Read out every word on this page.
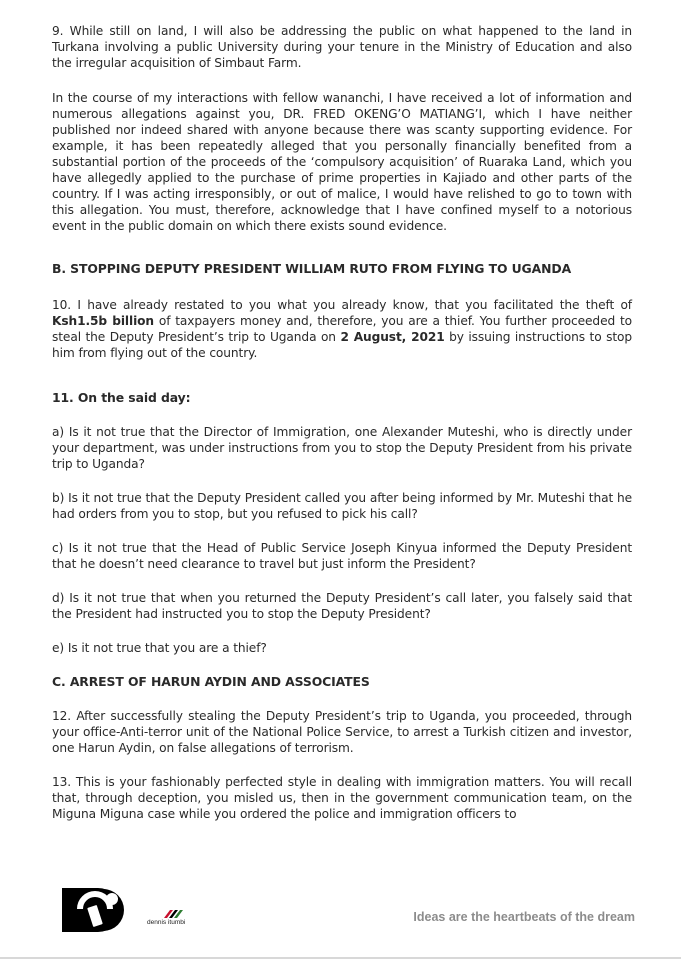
9. While still on land, I will also be addressing the public on what happened to the land in Turkana involving a public University during your tenure in the Ministry of Education and also the irregular acquisition of Simbaut Farm.

In the course of my interactions with fellow wananchi, I have received a lot of information and numerous allegations against you, DR. FRED OKENG’O MATIANG’I, which I have neither published nor indeed shared with anyone because there was scanty supporting evidence. For example, it has been repeatedly alleged that you personally financially benefited from a substantial portion of the proceeds of the ‘compulsory acquisition’ of Ruaraka Land, which you have allegedly applied to the purchase of prime properties in Kajiado and other parts of the country. If I was acting irresponsibly, or out of malice, I would have relished to go to town with this allegation. You must, therefore, acknowledge that I have confined myself to a notorious event in the public domain on which there exists sound evidence.

B. STOPPING DEPUTY PRESIDENT WILLIAM RUTO FROM FLYING TO UGANDA

10. I have already restated to you what you already know, that you facilitated the theft of Ksh1.5b billion of taxpayers money and, therefore, you are a thief. You further proceeded to steal the Deputy President’s trip to Uganda on 2 August, 2021 by issuing instructions to stop him from flying out of the country.

11. On the said day:

a) Is it not true that the Director of Immigration, one Alexander Muteshi, who is directly under your department, was under instructions from you to stop the Deputy President from his private trip to Uganda?

b) Is it not true that the Deputy President called you after being informed by Mr. Muteshi that he had orders from you to stop, but you refused to pick his call?

c) Is it not true that the Head of Public Service Joseph Kinyua informed the Deputy President that he doesn’t need clearance to travel but just inform the President?

d) Is it not true that when you returned the Deputy President’s call later, you falsely said that the President had instructed you to stop the Deputy President?

e) Is it not true that you are a thief?

C. ARREST OF HARUN AYDIN AND ASSOCIATES

12. After successfully stealing the Deputy President’s trip to Uganda, you proceeded, through your office-Anti-terror unit of the National Police Service, to arrest a Turkish citizen and investor, one Harun Aydin, on false allegations of terrorism.

13. This is your fashionably perfected style in dealing with immigration matters. You will recall that, through deception, you misled us, then in the government communication team, on the Miguna Miguna case while you ordered the police and immigration officers to

dennis itumbi	Ideas are the heartbeats of the dream
